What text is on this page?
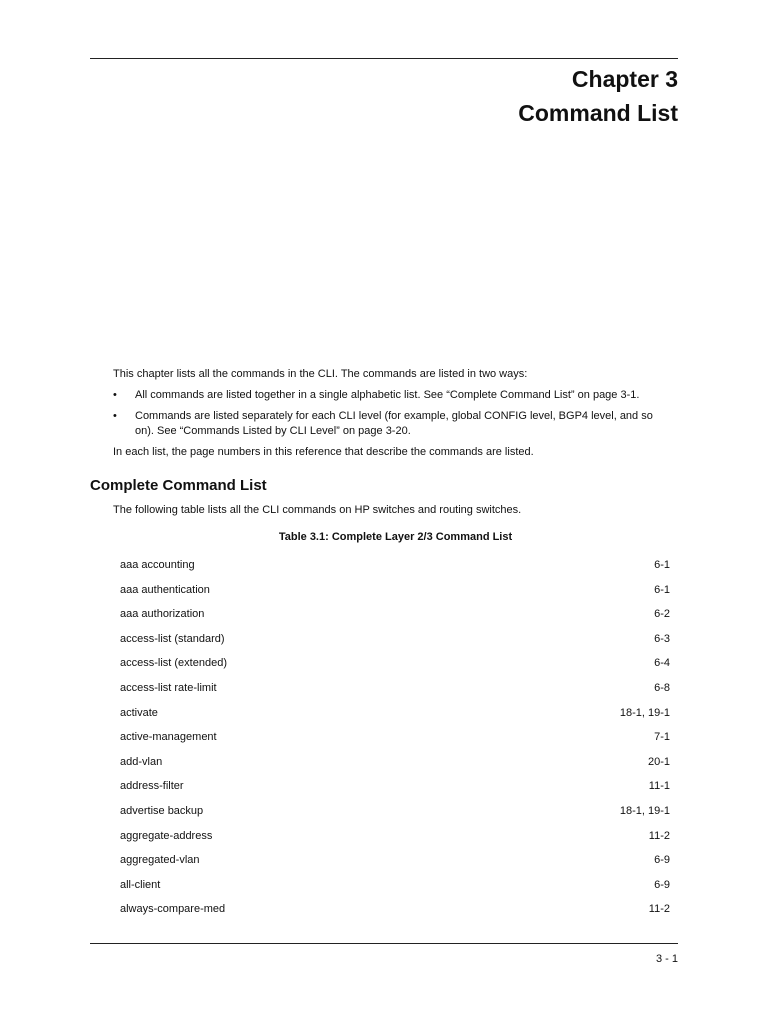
Chapter 3
Command List

This chapter lists all the commands in the CLI. The commands are listed in two ways:

• All commands are listed together in a single alphabetic list. See “Complete Command List” on page 3-1.
• Commands are listed separately for each CLI level (for example, global CONFIG level, BGP4 level, and so on). See “Commands Listed by CLI Level” on page 3-20.

In each list, the page numbers in this reference that describe the commands are listed.

Complete Command List
The following table lists all the CLI commands on HP switches and routing switches.
Table 3.1: Complete Layer 2/3 Command List
aaa accounting	6-1
aaa authentication	6-1
aaa authorization	6-2
access-list (standard)	6-3
access-list (extended)	6-4
access-list rate-limit	6-8
activate	18-1, 19-1
active-management	7-1
add-vlan	20-1
address-filter	11-1
advertise backup	18-1, 19-1
aggregate-address	11-2
aggregated-vlan	6-9
all-client	6-9
always-compare-med	11-2
3 - 1
